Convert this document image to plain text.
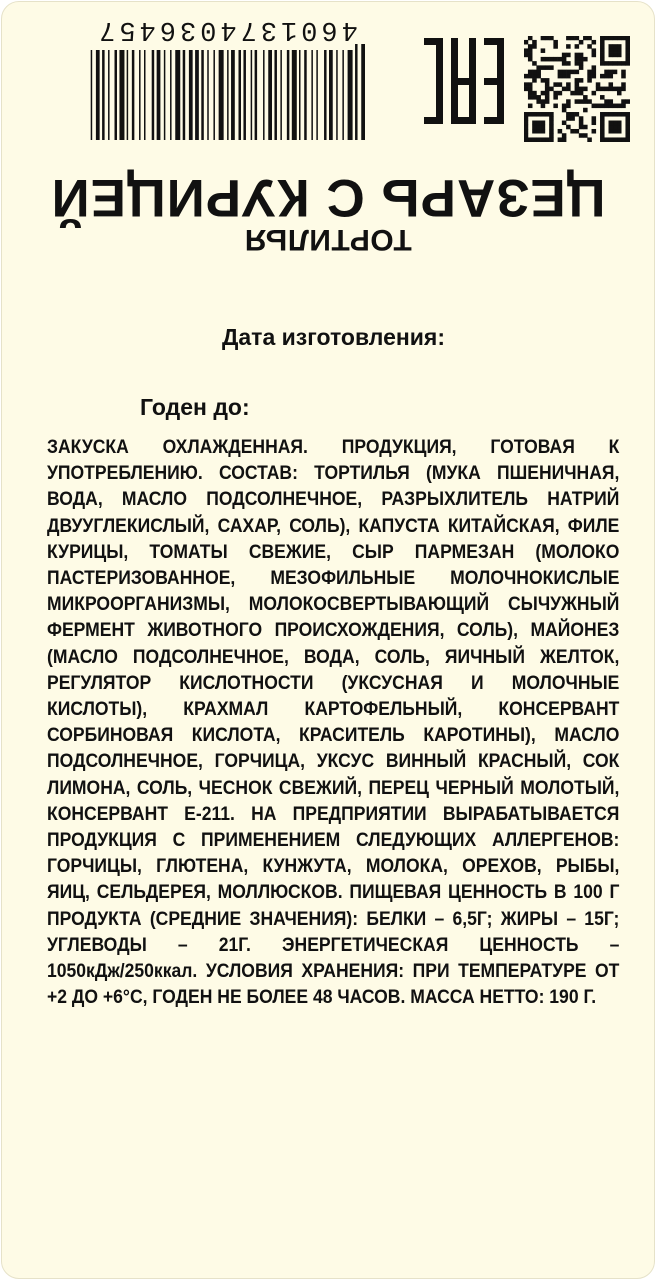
4601374036457
ТОРТИЛЬЯ
ЦЕЗАРЬ С КУРИЦЕЙ
Дата изготовления:
Годен до:
ЗАКУСКА ОХЛАЖДЕННАЯ. ПРОДУКЦИЯ, ГОТОВАЯ К УПОТРЕБЛЕНИЮ. СОСТАВ: ТОРТИЛЬЯ (МУКА ПШЕНИЧНАЯ, ВОДА, МАСЛО ПОДСОЛНЕЧНОЕ, РАЗРЫХЛИТЕЛЬ НАТРИЙ ДВУУГЛЕКИСЛЫЙ, САХАР, СОЛЬ), КАПУСТА КИТАЙСКАЯ, ФИЛЕ КУРИЦЫ, ТОМАТЫ СВЕЖИЕ, СЫР ПАРМЕЗАН (МОЛОКО ПАСТЕРИЗОВАННОЕ, МЕЗОФИЛЬНЫЕ МОЛОЧНОКИСЛЫЕ МИКРООРГАНИЗМЫ, МОЛОКОСВЕРТЫВАЮЩИЙ СЫЧУЖНЫЙ ФЕРМЕНТ ЖИВОТНОГО ПРОИСХОЖДЕНИЯ, СОЛЬ), МАЙОНЕЗ (МАСЛО ПОДСОЛНЕЧНОЕ, ВОДА, СОЛЬ, ЯИЧНЫЙ ЖЕЛТОК, РЕГУЛЯТОР КИСЛОТНОСТИ (УКСУСНАЯ И МОЛОЧНЫЕ КИСЛОТЫ), КРАХМАЛ КАРТОФЕЛЬНЫЙ, КОНСЕРВАНТ СОРБИНОВАЯ КИСЛОТА, КРАСИТЕЛЬ КАРОТИНЫ), МАСЛО ПОДСОЛНЕЧНОЕ, ГОРЧИЦА, УКСУС ВИННЫЙ КРАСНЫЙ, СОК ЛИМОНА, СОЛЬ, ЧЕСНОК СВЕЖИЙ, ПЕРЕЦ ЧЕРНЫЙ МОЛОТЫЙ, КОНСЕРВАНТ Е-211. НА ПРЕДПРИЯТИИ ВЫРАБАТЫВАЕТСЯ ПРОДУКЦИЯ С ПРИМЕНЕНИЕМ СЛЕДУЮЩИХ АЛЛЕРГЕНОВ: ГОРЧИЦЫ, ГЛЮТЕНА, КУНЖУТА, МОЛОКА, ОРЕХОВ, РЫБЫ, ЯИЦ, СЕЛЬДЕРЕЯ, МОЛЛЮСКОВ. ПИЩЕВАЯ ЦЕННОСТЬ В 100 Г ПРОДУКТА (СРЕДНИЕ ЗНАЧЕНИЯ): БЕЛКИ – 6,5Г; ЖИРЫ – 15Г; УГЛЕВОДЫ – 21Г. ЭНЕРГЕТИЧЕСКАЯ ЦЕННОСТЬ – 1050кДж/250ккал. УСЛОВИЯ ХРАНЕНИЯ: ПРИ ТЕМПЕРАТУРЕ ОТ +2 ДО +6°С, ГОДЕН НЕ БОЛЕЕ 48 ЧАСОВ. МАССА НЕТТО: 190 Г.
